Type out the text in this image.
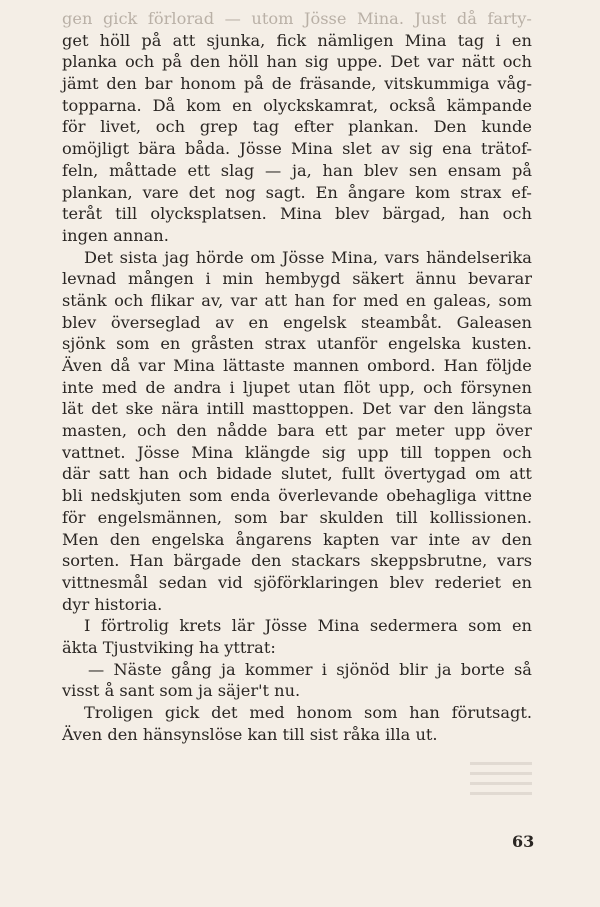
gen gick förlorad — utom Jösse Mina. Just då farty-
get höll på att sjunka, fick nämligen Mina tag i en
planka och på den höll han sig uppe. Det var nätt och
jämt den bar honom på de fräsande, vitskummiga våg-
topparna. Då kom en olyckskamrat, också kämpande
för livet, och grep tag efter plankan. Den kunde
omöjligt bära båda. Jösse Mina slet av sig ena trätof-
feln, måttade ett slag — ja, han blev sen ensam på
plankan, vare det nog sagt. En ångare kom strax ef-
teråt till olycksplatsen. Mina blev bärgad, han och
ingen annan.
Det sista jag hörde om Jösse Mina, vars händelserika
levnad mången i min hembygd säkert ännu bevarar
stänk och flikar av, var att han for med en galeas, som
blev överseglad av en engelsk steambåt. Galeasen
sjönk som en gråsten strax utanför engelska kusten.
Även då var Mina lättaste mannen ombord. Han följde
inte med de andra i ljupet utan flöt upp, och försynen
lät det ske nära intill masttoppen. Det var den längsta
masten, och den nådde bara ett par meter upp över
vattnet. Jösse Mina klängde sig upp till toppen och
där satt han och bidade slutet, fullt övertygad om att
bli nedskjuten som enda överlevande obehagliga vittne
för engelsmännen, som bar skulden till kollissionen.
Men den engelska ångarens kapten var inte av den
sorten. Han bärgade den stackars skeppsbrutne, vars
vittnesmål sedan vid sjöförklaringen blev rederiet en
dyr historia.
I förtrolig krets lär Jösse Mina sedermera som en
äkta Tjustviking ha yttrat:
— Näste gång ja kommer i sjönöd blir ja borte så
visst å sant som ja säjer't nu.
Troligen gick det med honom som han förutsagt.
Även den hänsynslöse kan till sist råka illa ut.
63
